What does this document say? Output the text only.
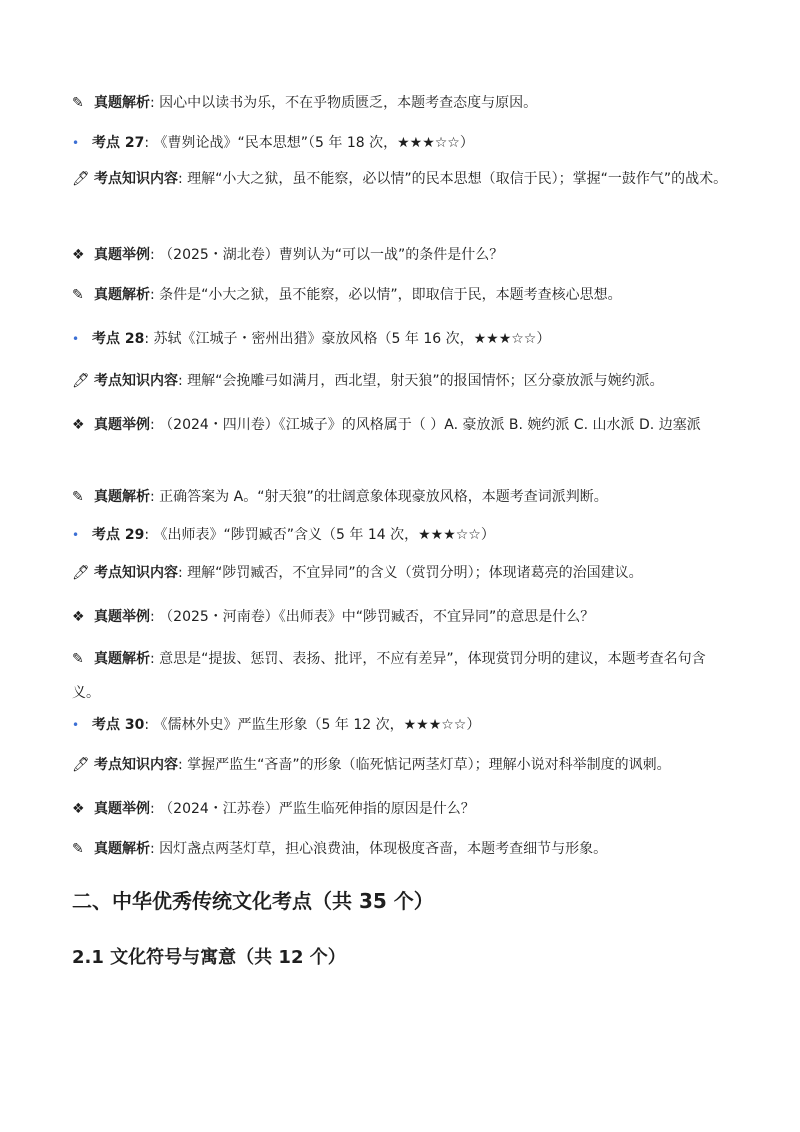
✎ 真题解析: 因心中以读书为乐，不在乎物质匮乏，本题考查态度与原因。
• 考点 27: 《曹刿论战》“民本思想”（5 年 18 次，★★★☆☆）
🖊 考点知识内容: 理解“小大之狱，虽不能察，必以情”的民本思想（取信于民）；掌握“一鼓作气”的战术。
❖ 真题举例: （2025・湖北卷）曹刿认为“可以一战”的条件是什么？
✎ 真题解析: 条件是“小大之狱，虽不能察，必以情”，即取信于民，本题考查核心思想。
• 考点 28: 苏轼《江城子・密州出猎》豪放风格（5 年 16 次，★★★☆☆）
🖊 考点知识内容: 理解“会挽雕弓如满月，西北望，射天狼”的报国情怀；区分豪放派与婉约派。
❖ 真题举例: （2024・四川卷）《江城子》的风格属于（ ）A. 豪放派 B. 婉约派 C. 山水派 D. 边塞派
✎ 真题解析: 正确答案为 A。“射天狼”的壮阔意象体现豪放风格，本题考查词派判断。
• 考点 29: 《出师表》“陟罚臧否”含义（5 年 14 次，★★★☆☆）
🖊 考点知识内容: 理解“陟罚臧否，不宜异同”的含义（赏罚分明）；体现诸葛亮的治国建议。
❖ 真题举例: （2025・河南卷）《出师表》中“陟罚臧否，不宜异同”的意思是什么？
✎ 真题解析: 意思是“提拔、惩罚、表扬、批评，不应有差异”，体现赏罚分明的建议，本题考查名句含义。
• 考点 30: 《儒林外史》严监生形象（5 年 12 次，★★★☆☆）
🖊 考点知识内容: 掌握严监生“吝啬”的形象（临死惦记两茎灯草）；理解小说对科举制度的讽刺。
❖ 真题举例: （2024・江苏卷）严监生临死伸指的原因是什么？
✎ 真题解析: 因灯盏点两茎灯草，担心浪费油，体现极度吝啬，本题考查细节与形象。
二、中华优秀传统文化考点（共 35 个）
2.1 文化符号与寓意（共 12 个）
